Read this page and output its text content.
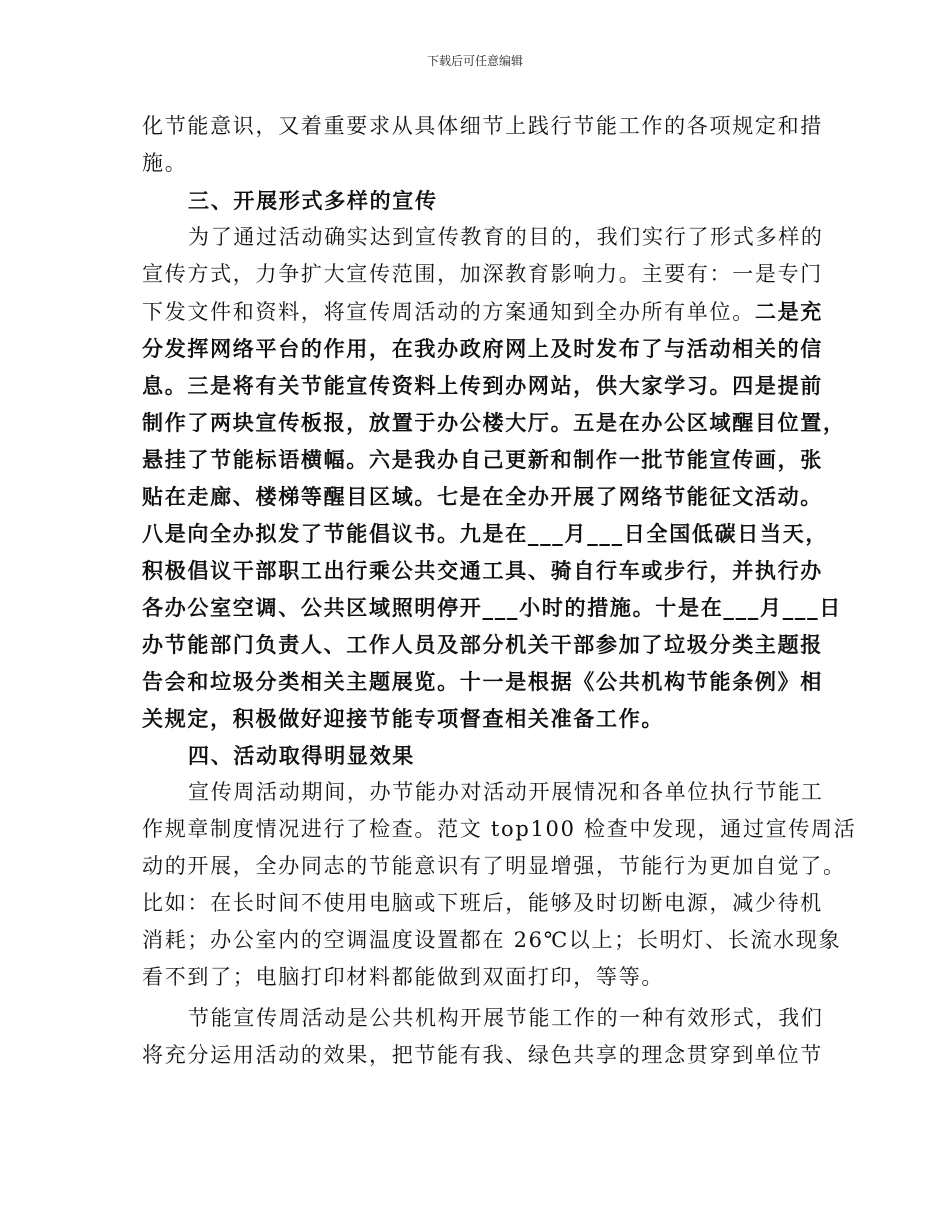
下载后可任意编辑
化节能意识，又着重要求从具体细节上践行节能工作的各项规定和措
施。
三、开展形式多样的宣传
为了通过活动确实达到宣传教育的目的，我们实行了形式多样的
宣传方式，力争扩大宣传范围，加深教育影响力。主要有：一是专门
下发文件和资料，将宣传周活动的方案通知到全办所有单位。二是充
分发挥网络平台的作用，在我办政府网上及时发布了与活动相关的信
息。三是将有关节能宣传资料上传到办网站，供大家学习。四是提前
制作了两块宣传板报，放置于办公楼大厅。五是在办公区域醒目位置，
悬挂了节能标语横幅。六是我办自己更新和制作一批节能宣传画，张
贴在走廊、楼梯等醒目区域。七是在全办开展了网络节能征文活动。
八是向全办拟发了节能倡议书。九是在___月___日全国低碳日当天，
积极倡议干部职工出行乘公共交通工具、骑自行车或步行，并执行办
各办公室空调、公共区域照明停开___小时的措施。十是在___月___日
办节能部门负责人、工作人员及部分机关干部参加了垃圾分类主题报
告会和垃圾分类相关主题展览。十一是根据《公共机构节能条例》相
关规定，积极做好迎接节能专项督查相关准备工作。
四、活动取得明显效果
宣传周活动期间，办节能办对活动开展情况和各单位执行节能工
作规章制度情况进行了检查。范文 top100 检查中发现，通过宣传周活
动的开展，全办同志的节能意识有了明显增强，节能行为更加自觉了。
比如：在长时间不使用电脑或下班后，能够及时切断电源，减少待机
消耗；办公室内的空调温度设置都在 26℃以上；长明灯、长流水现象
看不到了；电脑打印材料都能做到双面打印，等等。
节能宣传周活动是公共机构开展节能工作的一种有效形式，我们
将充分运用活动的效果，把节能有我、绿色共享的理念贯穿到单位节
